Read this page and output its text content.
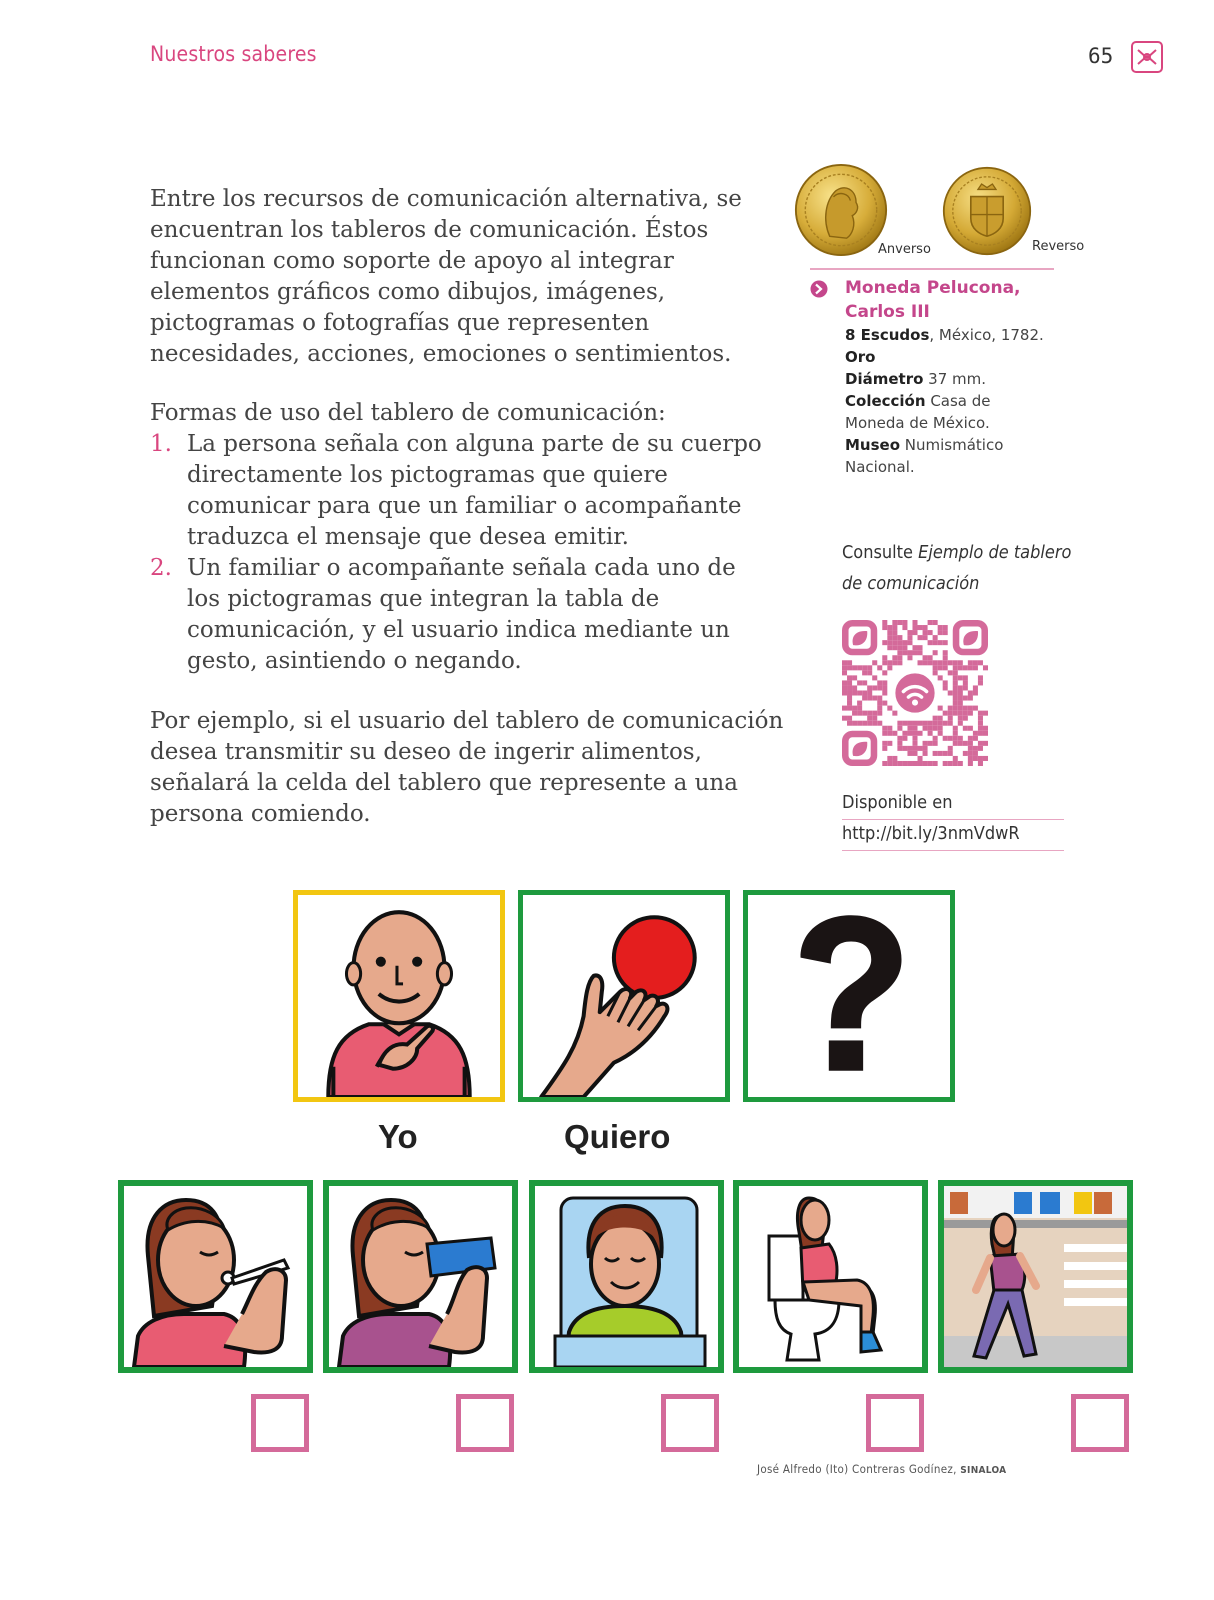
Nuestros saberes	65
Entre los recursos de comunicación alternativa, se encuentran los tableros de comunicación. Éstos funcionan como soporte de apoyo al integrar elementos gráficos como dibujos, imágenes, pictogramas o fotografías que representen necesidades, acciones, emociones o sentimientos.
Formas de uso del tablero de comunicación:
1. La persona señala con alguna parte de su cuerpo directamente los pictogramas que quiere comunicar para que un familiar o acompañante traduzca el mensaje que desea emitir.
2. Un familiar o acompañante señala cada uno de los pictogramas que integran la tabla de comunicación, y el usuario indica mediante un gesto, asintiendo o negando.
Por ejemplo, si el usuario del tablero de comunicación desea transmitir su deseo de ingerir alimentos, señalará la celda del tablero que represente a una persona comiendo.
Anverso	Reverso
Moneda Pelucona,
Carlos III
8 Escudos, México, 1782.
Oro
Diámetro 37 mm.
Colección Casa de
Moneda de México.
Museo Numismático
Nacional.
Consulte Ejemplo de tablero
de comunicación
Disponible en
http://bit.ly/3nmVdwR
Yo	Quiero
José Alfredo (Ito) Contreras Godínez, SINALOA
